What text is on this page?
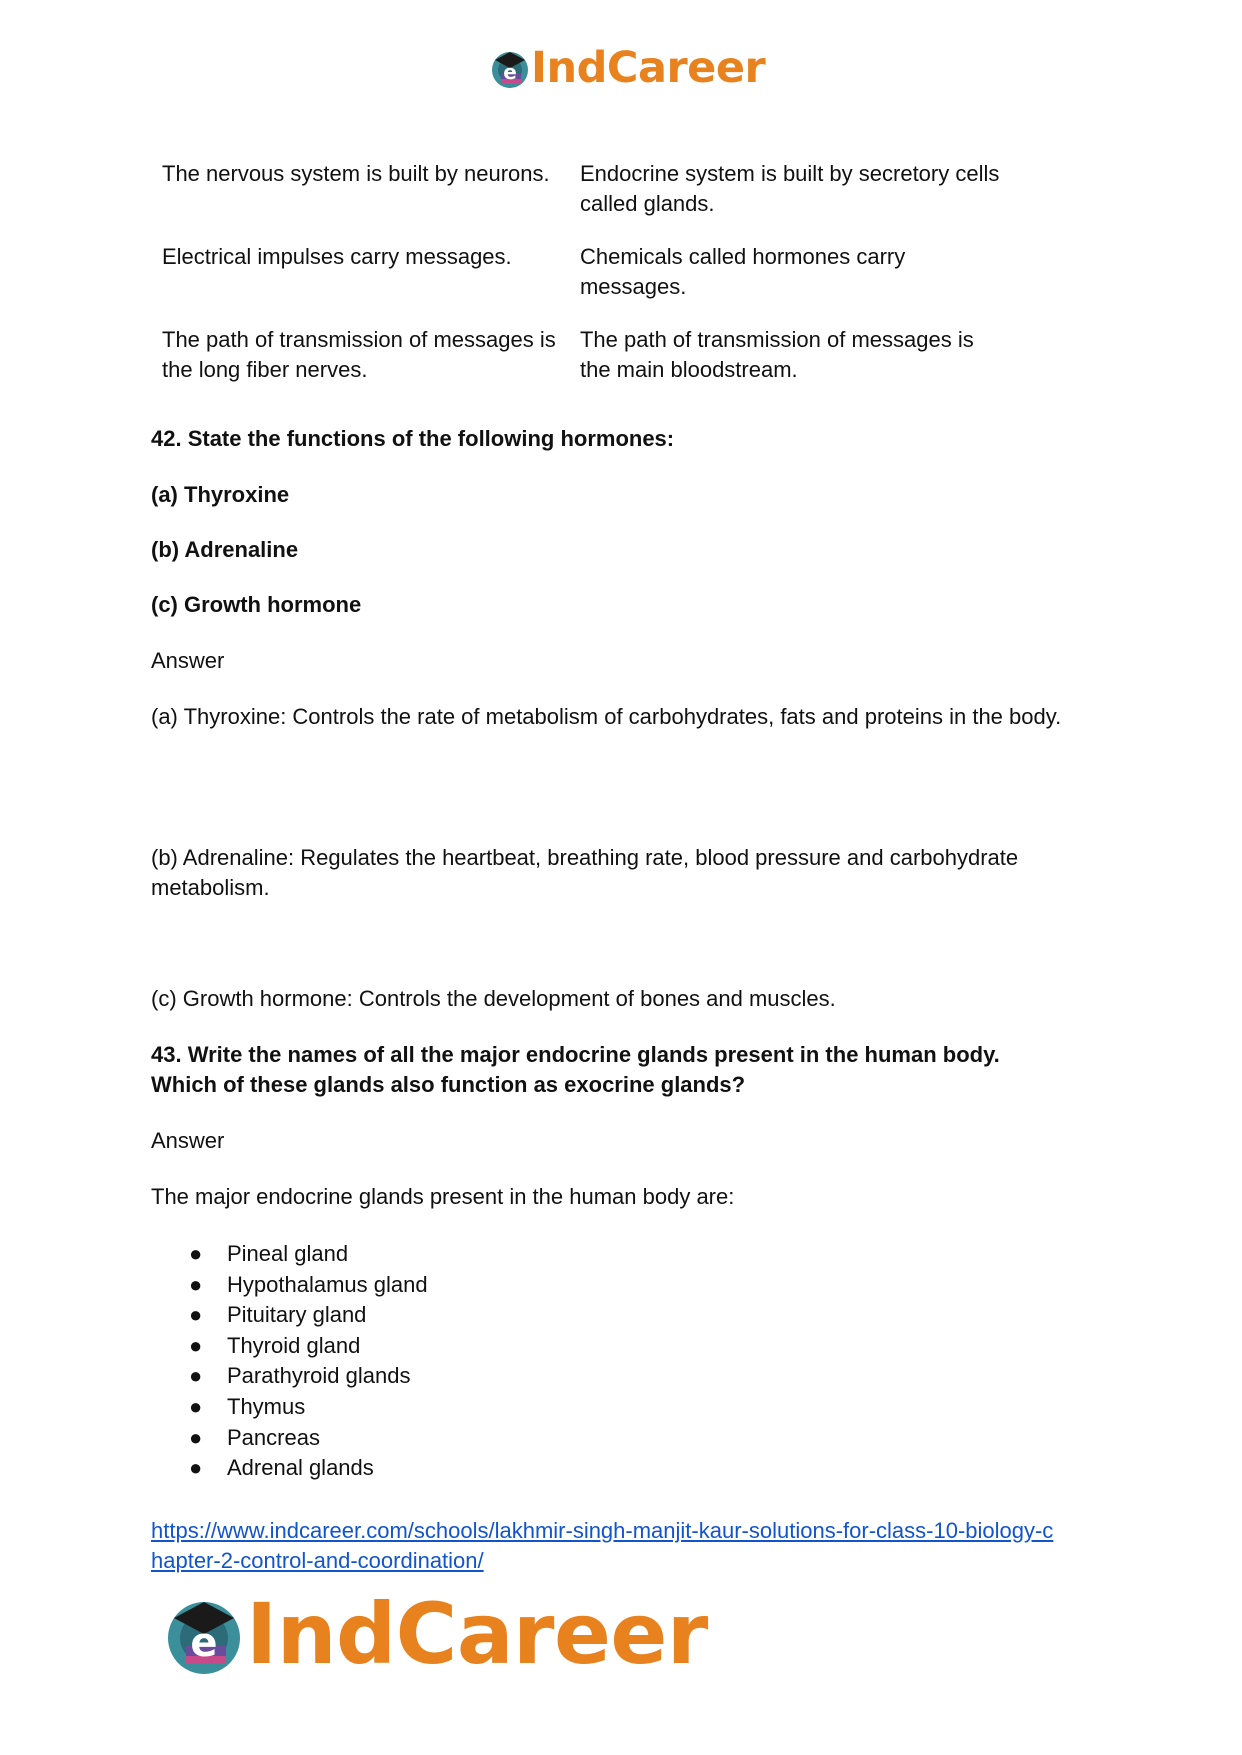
e IndCareer
The nervous system is built by neurons.	Endocrine system is built by secretory cells called glands.
Electrical impulses carry messages.	Chemicals called hormones carry messages.
The path of transmission of messages is the long fiber nerves.	The path of transmission of messages is the main bloodstream.

42. State the functions of the following hormones:

(a) Thyroxine

(b) Adrenaline

(c) Growth hormone

Answer

(a) Thyroxine: Controls the rate of metabolism of carbohydrates, fats and proteins in the body.

(b) Adrenaline: Regulates the heartbeat, breathing rate, blood pressure and carbohydrate metabolism.

(c) Growth hormone: Controls the development of bones and muscles.

43. Write the names of all the major endocrine glands present in the human body.

Which of these glands also function as exocrine glands?

Answer

The major endocrine glands present in the human body are:

● Pineal gland
● Hypothalamus gland
● Pituitary gland
● Thyroid gland
● Parathyroid glands
● Thymus
● Pancreas
● Adrenal glands
https://www.indcareer.com/schools/lakhmir-singh-manjit-kaur-solutions-for-class-10-biology-c
hapter-2-control-and-coordination/
e IndCareer
